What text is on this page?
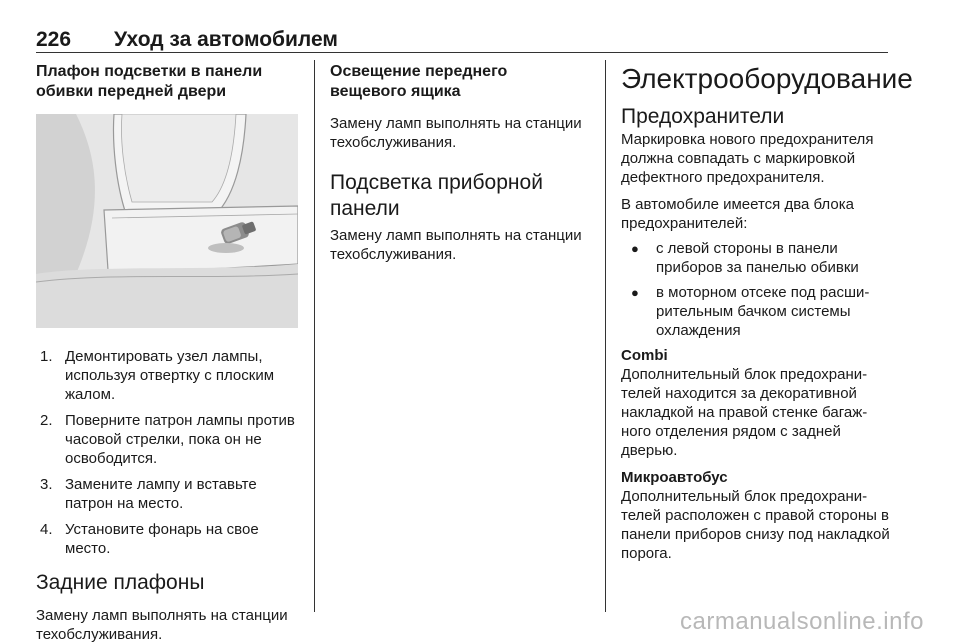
226 Уход за автомобилем
Плафон подсветки в панели обивки передней двери
1. Демонтировать узел лампы, используя отвертку с плоским жалом.
2. Поверните патрон лампы против часовой стрелки, пока он не освободится.
3. Замените лампу и вставьте патрон на место.
4. Установите фонарь на свое место.
Задние плафоны

Замену ламп выполнять на станции техобслуживания.

Освещение переднего вещевого ящика

Замену ламп выполнять на станции техобслуживания.

Подсветка приборной панели

Замену ламп выполнять на станции техобслуживания.

Электрооборудование
Предохранители

Маркировка нового предохранителя должна совпадать с маркировкой дефектного предохранителя.

В автомобиле имеется два блока предохранителей:

●	с левой стороны в панели приборов за панелью обивки
●	в моторном отсеке под расширительным бачком системы охлаждения
Combi

Дополнительный блок предохранителей находится за декоративной накладкой на правой стенке багажного отделения рядом с задней дверью.

Микроавтобус

Дополнительный блок предохранителей расположен с правой стороны в панели приборов снизу под накладкой порога.

carmanualsonline.info
